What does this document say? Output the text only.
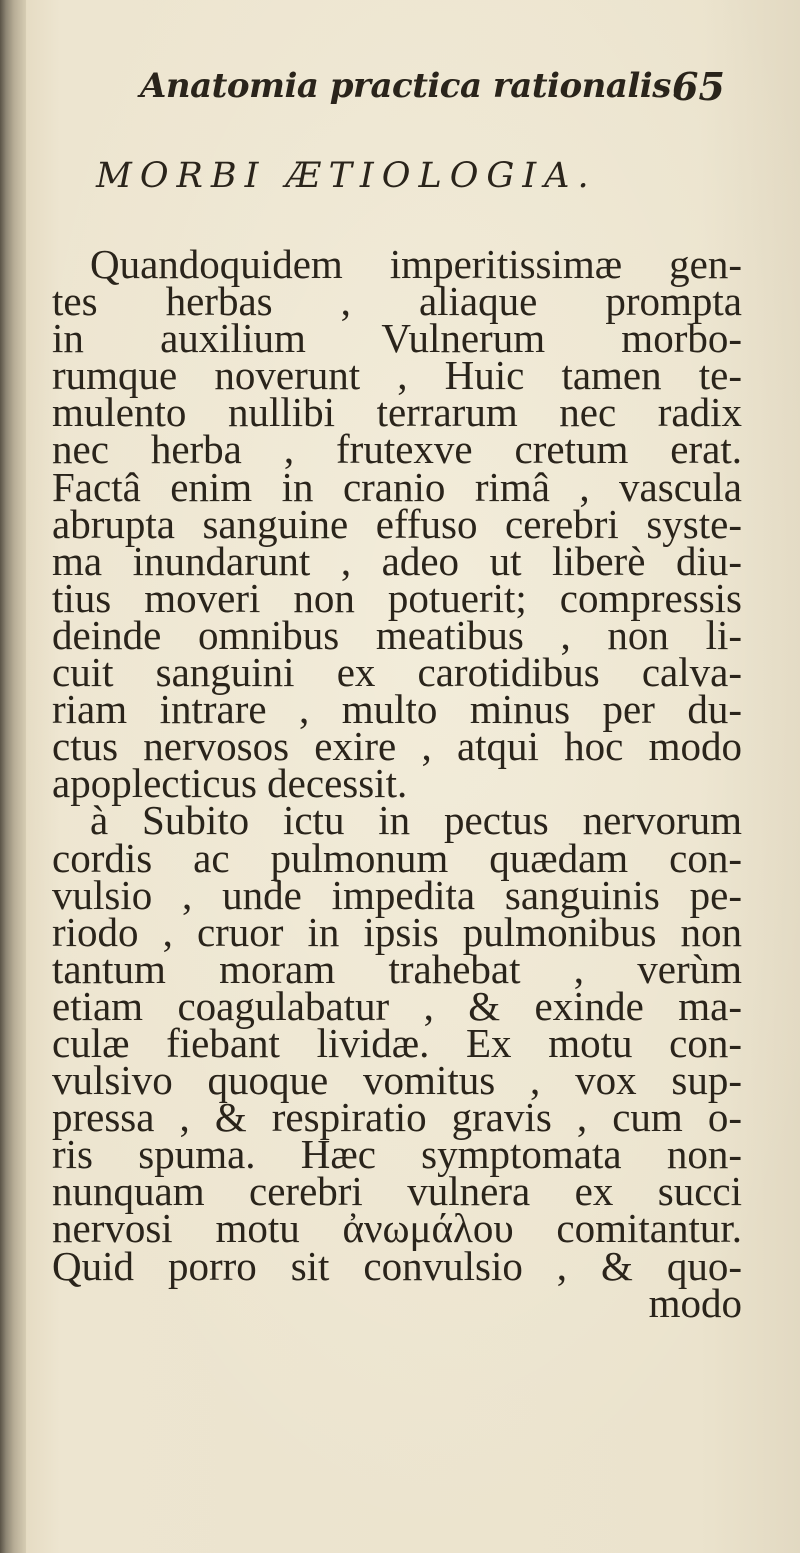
Anatomia practica rationalis.
65
MORBI ÆTIOLOGIA.
Quandoquidem imperitissimæ gen-
tes herbas , aliaque prompta
in auxilium Vulnerum morbo-
rumque noverunt , Huic tamen te-
mulento nullibi terrarum nec radix
nec herba , frutexve cretum erat.
Factâ enim in cranio rimâ , vascula
abrupta sanguine effuso cerebri syste-
ma inundarunt , adeo ut liberè diu-
tius moveri non potuerit; compressis
deinde omnibus meatibus , non li-
cuit sanguini ex carotidibus calva-
riam intrare , multo minus per du-
ctus nervosos exire , atqui hoc modo
apoplecticus decessit.
à Subito ictu in pectus nervorum
cordis ac pulmonum quædam con-
vulsio , unde impedita sanguinis pe-
riodo , cruor in ipsis pulmonibus non
tantum moram trahebat , verùm
etiam coagulabatur , & exinde ma-
culæ fiebant lividæ. Ex motu con-
vulsivo quoque vomitus , vox sup-
pressa , & respiratio gravis , cum o-
ris spuma. Hæc symptomata non-
nunquam cerebri vulnera ex succi
nervosi motu ἀνωμάλου comitantur.
Quid porro sit convulsio , & quo-
modo
